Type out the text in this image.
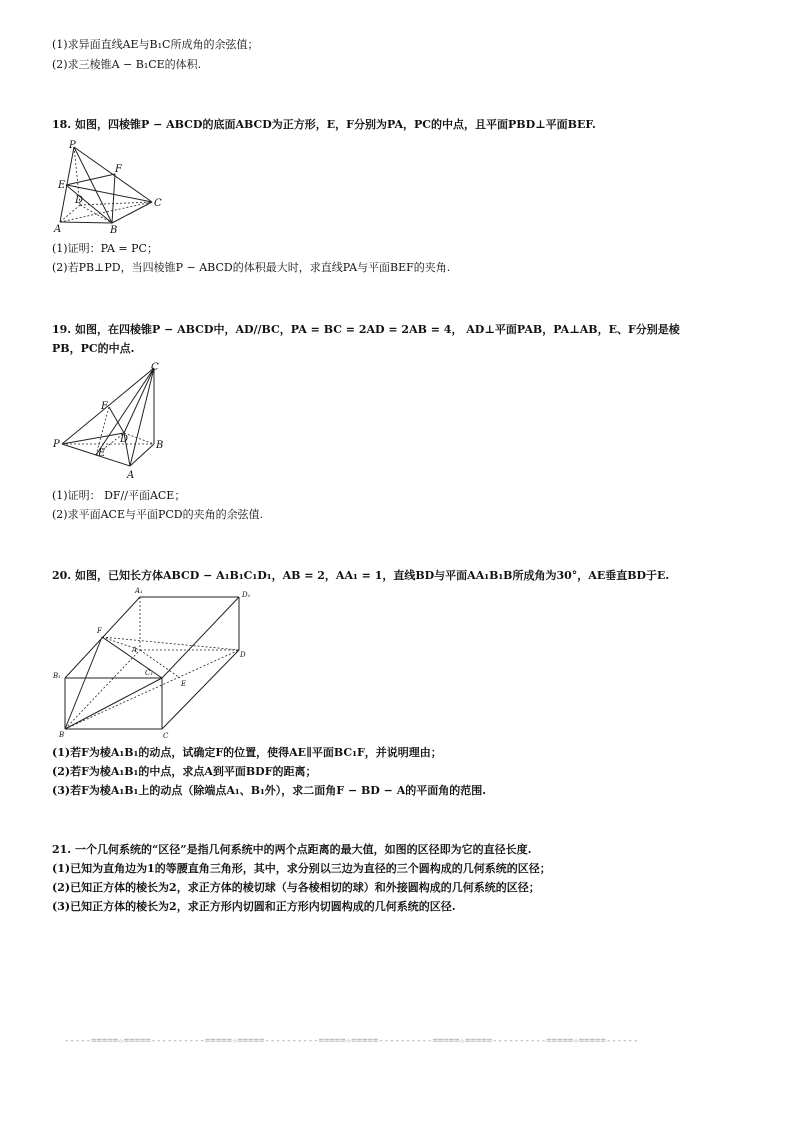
(1)求异面直线AE与B₁C所成角的余弦值；
(2)求三棱锥A − B₁CE的体积.
18. 如图，四棱锥P − ABCD的底面ABCD为正方形，E，F分别为PA，PC的中点，且平面PBD⊥平面BEF.
P
F
E
D	C
A	B
(1)证明：PA = PC；
(2)若PB⊥PD，当四棱锥P − ABCD的体积最大时，求直线PA与平面BEF的夹角.
19. 如图，在四棱锥P − ABCD中，AD//BC，PA = BC = 2AD = 2AB = 4， AD⊥平面PAB，PA⊥AB，E、F分别是棱
PB，PC的中点.
C
F
P	D
B
E
A
(1)证明： DF//平面ACE；
(2)求平面ACE与平面PCD的夹角的余弦值.
20. 如图，已知长方体ABCD − A₁B₁C₁D₁，AB = 2，AA₁ = 1，直线BD与平面AA₁B₁B所成角为30°，AE垂直BD于E.
A₁	D₁
F
A
D
B₁	C₁
E
B	C
(1)若F为棱A₁B₁的动点，试确定F的位置，使得AE∥平面BC₁F，并说明理由；
(2)若F为棱A₁B₁的中点，求点A到平面BDF的距离；
(3)若F为棱A₁B₁上的动点（除端点A₁、B₁外），求二面角F − BD − A的平面角的范围.
21. 一个几何系统的“区径”是指几何系统中的两个点距离的最大值，如图的区径即为它的直径长度.
(1)已知为直角边为1的等腰直角三角形，其中，求分别以三边为直径的三个圆构成的几何系统的区径；
(2)已知正方体的棱长为2，求正方体的棱切球（与各棱相切的球）和外接圆构成的几何系统的区径；
(3)已知正方体的棱长为2，求正方形内切圆和正方形内切圆构成的几何系统的区径.
-----=====☆=====----------=====☆=====----------=====☆=====----------=====☆=====----------=====☆=====------
